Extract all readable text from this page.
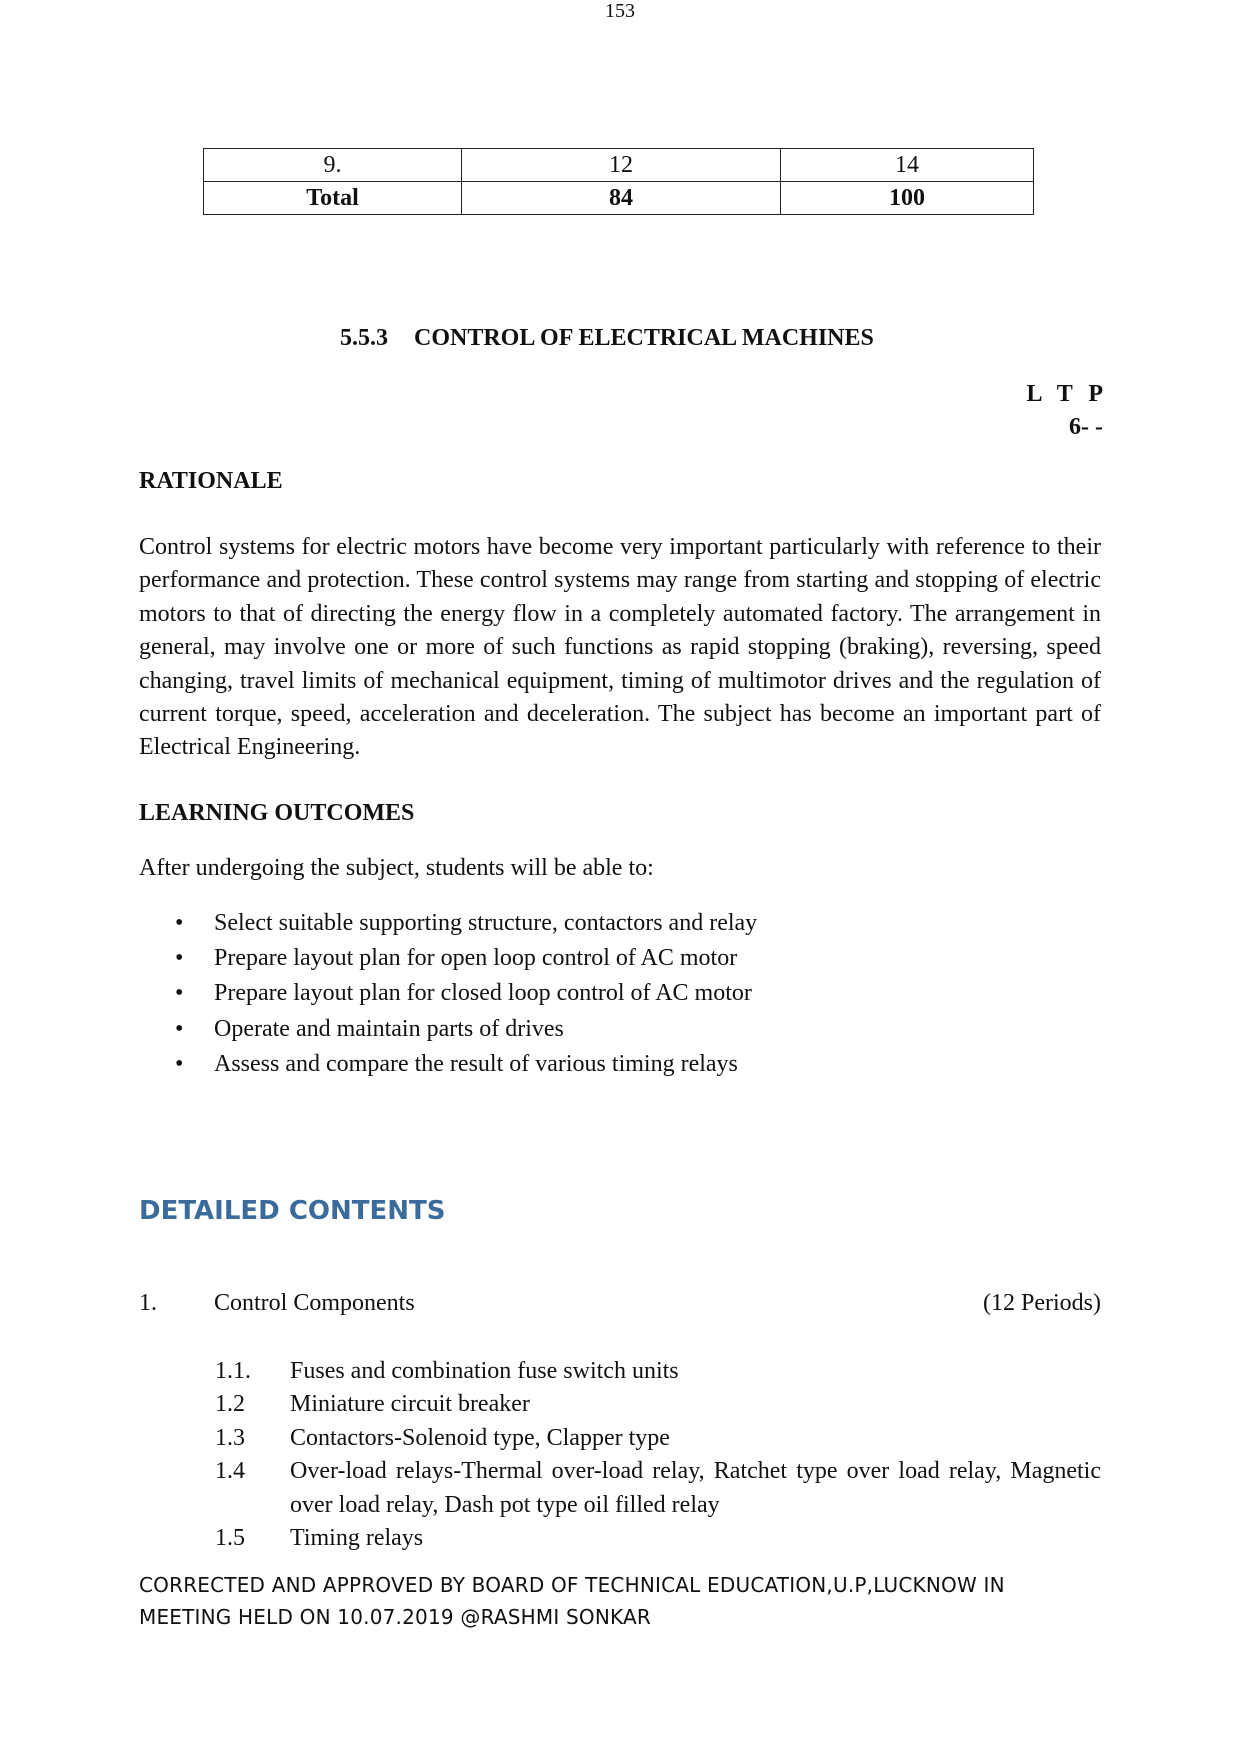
153
9.	12	14
Total	84	100
5.5.3 CONTROL OF ELECTRICAL MACHINES
L T P
6- -
RATIONALE

Control systems for electric motors have become very important particularly with reference to their performance and protection. These control systems may range from starting and stopping of electric motors to that of directing the energy flow in a completely automated factory. The arrangement in general, may involve one or more of such functions as rapid stopping (braking), reversing, speed changing, travel limits of mechanical equipment, timing of multimotor drives and the regulation of current torque, speed, acceleration and deceleration. The subject has become an important part of Electrical Engineering.

LEARNING OUTCOMES

After undergoing the subject, students will be able to:

• Select suitable supporting structure, contactors and relay
• Prepare layout plan for open loop control of AC motor
• Prepare layout plan for closed loop control of AC motor
• Operate and maintain parts of drives
• Assess and compare the result of various timing relays
DETAILED CONTENTS
1. Control Components	(12 Periods)
1.1. Fuses and combination fuse switch units
1.2 Miniature circuit breaker
1.3 Contactors-Solenoid type, Clapper type
1.4 Over-load relays-Thermal over-load relay, Ratchet type over load relay, Magnetic over load relay, Dash pot type oil filled relay
1.5 Timing relays
CORRECTED AND APPROVED BY BOARD OF TECHNICAL EDUCATION,U.P,LUCKNOW IN
MEETING HELD ON 10.07.2019 @RASHMI SONKAR
